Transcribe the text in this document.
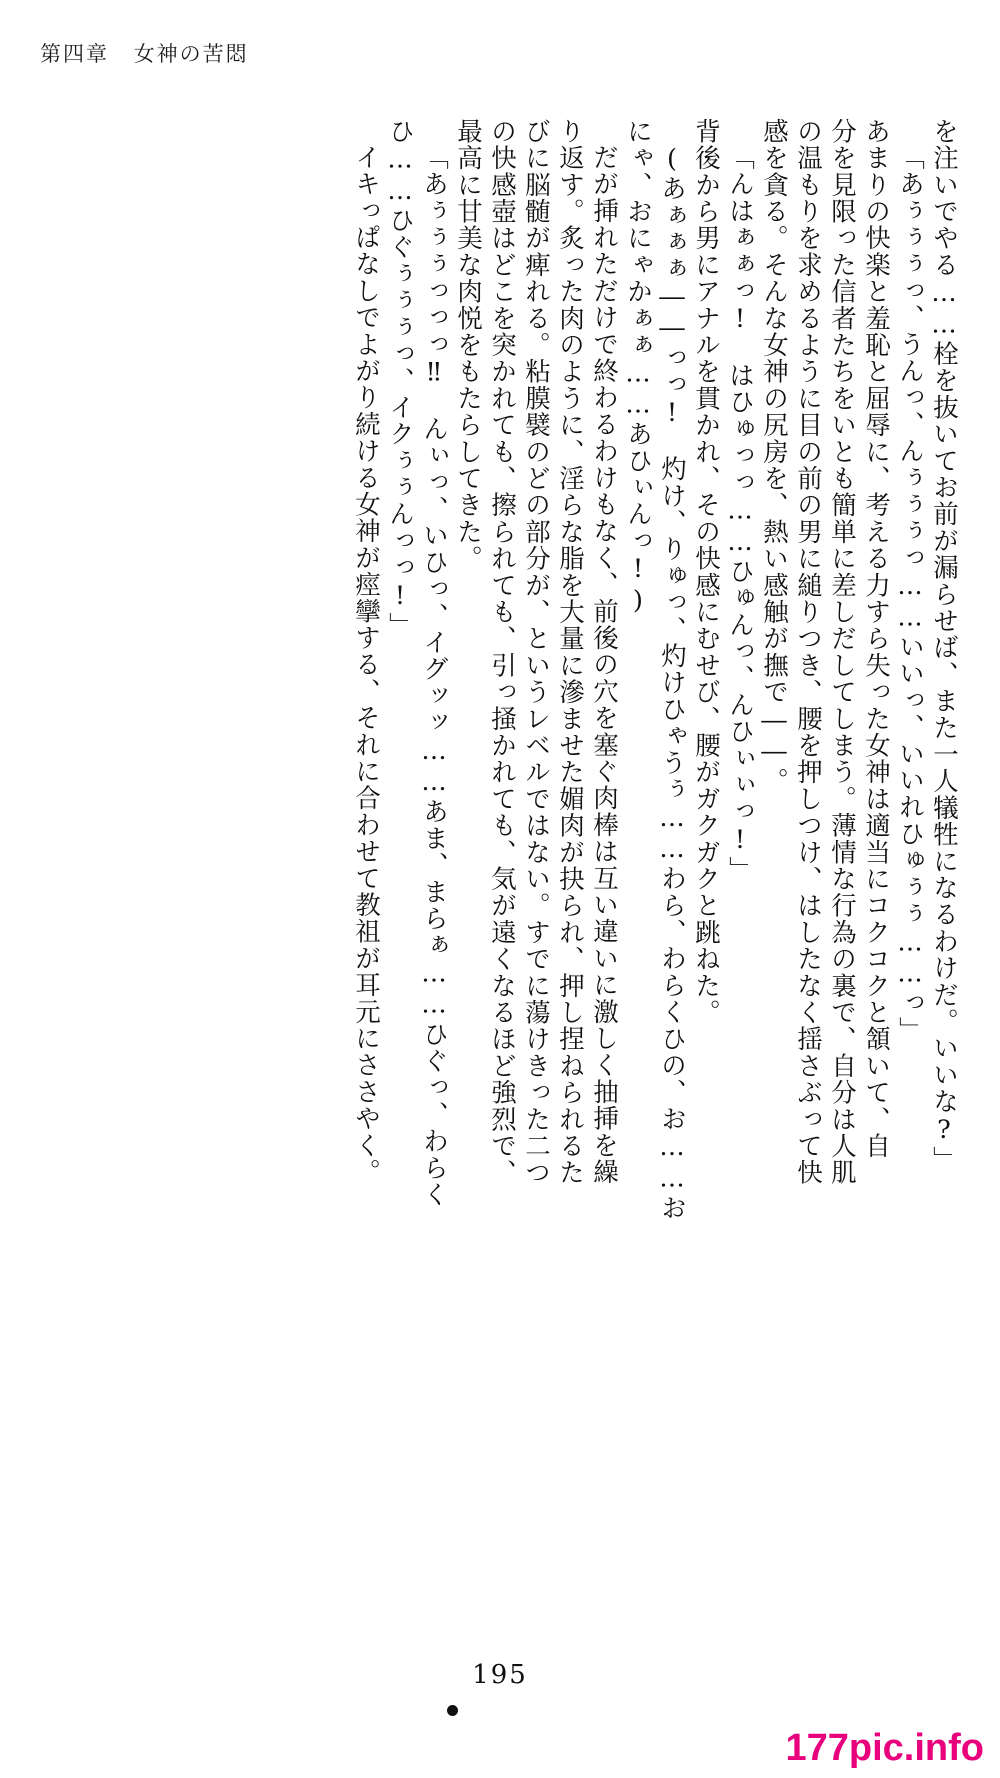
第四章 女神の苦悶
を注いでやる……栓を抜いてお前が漏らせば、また一人犠牲になるわけだ。いいな?」
「あぅぅぅっ、うんっ、んぅぅぅっ……いいっ、いいれひゅぅぅ……っ」
あまりの快楽と羞恥と屈辱に、考える力すら失った女神は適当にコクコクと頷いて、自
分を見限った信者たちをいとも簡単に差しだしてしまう。薄情な行為の裏で、自分は人肌
の温もりを求めるように目の前の男に縋りつき、腰を押しつけ、はしたなく揺さぶって快
感を貪る。そんな女神の尻房を、熱い感触が撫で――。
「んはぁぁっ!　はひゅっっ……ひゅんっ、んひぃぃっ!」
背後から男にアナルを貫かれ、その快感にむせび、腰がガクガクと跳ねた。
(あぁぁぁ――っっ!　灼け、りゅっ、灼けひゃうぅ……わら、わらくひの、お……お
にゃ、おにゃかぁぁ……あひぃんっ!)
だが挿れただけで終わるわけもなく、前後の穴を塞ぐ肉棒は互い違いに激しく抽挿を繰
り返す。炙った肉のように、淫らな脂を大量に滲ませた媚肉が抉られ、押し捏ねられるた
びに脳髄が痺れる。粘膜襞のどの部分が、というレベルではない。すでに蕩けきった二つ
の快感壺はどこを突かれても、擦られても、引っ掻かれても、気が遠くなるほど強烈で、
最高に甘美な肉悦をもたらしてきた。
「あぅぅぅっっっ‼　んぃっ、いひっ、イグッッ……あま、まらぁ……ひぐっ、わらく
ひ……ひぐぅぅぅっ、イクぅぅんっっ!」
イキっぱなしでよがり続ける女神が痙攣する、それに合わせて教祖が耳元にささやく。
195
177pic.info
